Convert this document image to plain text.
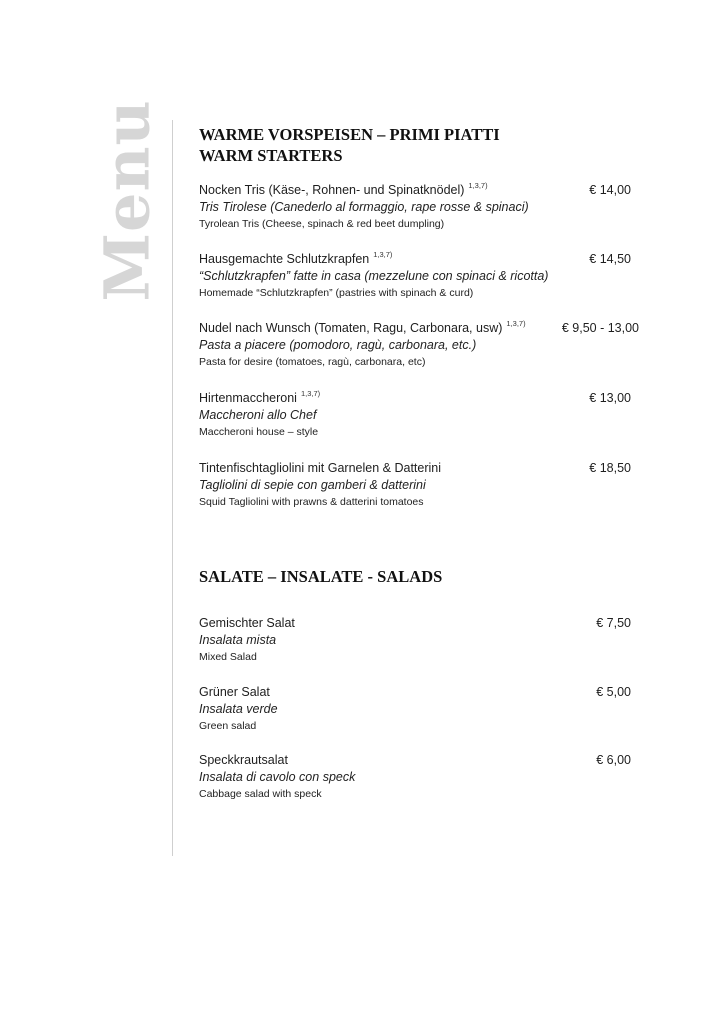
Menu WARME VORSPEISEN – PRIMI PIATTI
WARM STARTERS
Nocken Tris (Käse-, Rohnen- und Spinatknödel) $^{1,3,7)}$	€ 14,00
Tris Tirolese (Canederlo al formaggio, rape rosse & spinaci)
Tyrolean Tris (Cheese, spinach & red beet dumpling)
Hausgemachte Schlutzkrapfen $^{1,3,7)}$	€ 14,50
“Schlutzkrapfen” fatte in casa (mezzelune con spinaci & ricotta)
Homemade “Schlutzkrapfen” (pastries with spinach & curd)
Nudel nach Wunsch (Tomaten, Ragu, Carbonara, usw) $^{1,3,7)}$	€ 9,50 - 13,00
Pasta a piacere (pomodoro, ragù, carbonara, etc.)
Pasta for desire (tomatoes, ragù, carbonara, etc)
Hirtenmaccheroni $^{1,3,7)}$	€ 13,00
Maccheroni allo Chef
Maccheroni house – style
Tintenfischtagliolini mit Garnelen & Datterini	€ 18,50
Tagliolini di sepie con gamberi & datterini
Squid Tagliolini with prawns & datterini tomatoes
SALATE – INSALATE - SALADS
Gemischter Salat	€ 7,50
Insalata mista
Mixed Salad
Grüner Salat	€ 5,00
Insalata verde
Green salad
Speckkrautsalat	€ 6,00
Insalata di cavolo con speck
Cabbage salad with speck
